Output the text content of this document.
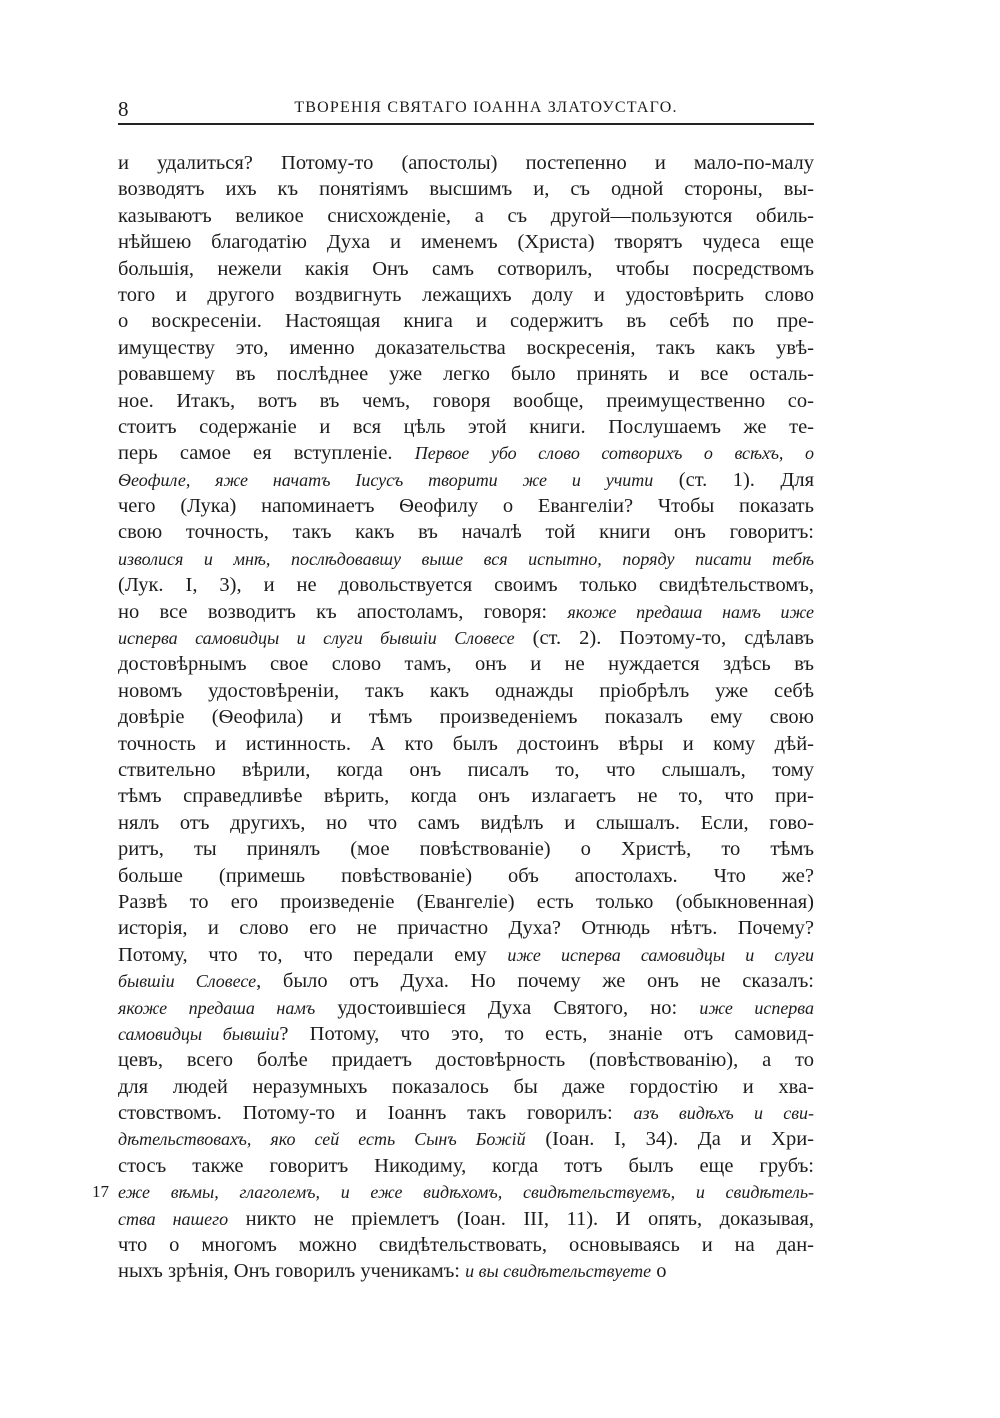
8	ТВОРЕНІЯ СВЯТАГО ІОАННА ЗЛАТОУСТАГО.
и удалиться? Потому-то (апостолы) постепенно и мало-по-малу
возводятъ ихъ къ понятіямъ высшимъ и, съ одной стороны, вы-
казываютъ великое снисхожденіе, а съ другой—пользуются обиль-
нѣйшею благодатію Духа и именемъ (Христа) творятъ чудеса еще
большія, нежели какія Онъ самъ сотворилъ, чтобы посредствомъ
того и другого воздвигнуть лежащихъ долу и удостовѣрить слово
о воскресеніи. Настоящая книга и содержитъ въ себѣ по пре-
имуществу это, именно доказательства воскресенія, такъ какъ увѣ-
ровавшему въ послѣднее уже легко было принять и все осталь-
ное. Итакъ, вотъ въ чемъ, говоря вообще, преимущественно со-
стоитъ содержаніе и вся цѣль этой книги. Послушаемъ же те-
перь самое ея вступленіе. Первое убо слово сотворихъ о всѣхъ, о
Ѳеофиле, яже начатъ Іисусъ творити же и учити (ст. 1). Для
чего (Лука) напоминаетъ Ѳеофилу о Евангеліи? Чтобы показать
свою точность, такъ какъ въ началѣ той книги онъ говоритъ:
изволися и мнѣ, послѣдовавшу выше вся испытно, порядy писати тебѣ
(Лук. I, 3), и не довольствуется своимъ только свидѣтельствомъ,
но все возводитъ къ апостоламъ, говоря: якоже предаша намъ иже
исперва самовидцы и слуги бывшіи Словесе (ст. 2). Поэтому-то, сдѣлавъ
достовѣрнымъ свое слово тамъ, онъ и не нуждается здѣсь въ
новомъ удостовѣреніи, такъ какъ однажды пріобрѣлъ уже себѣ
довѣріе (Ѳеофила) и тѣмъ произведеніемъ показалъ ему свою
точность и истинность. А кто былъ достоинъ вѣры и кому дѣй-
ствительно вѣрили, когда онъ писалъ то, что слышалъ, тому
тѣмъ справедливѣе вѣрить, когда онъ излагаетъ не то, что при-
нялъ отъ другихъ, но что самъ видѣлъ и слышалъ. Если, гово-
ритъ, ты принялъ (мое повѣствованіе) о Христѣ, то тѣмъ
больше (примешь повѣствованіе) объ апостолахъ. Что же?
Развѣ то его произведеніе (Евангеліе) есть только (обыкновенная)
исторія, и слово его не причастно Духа? Отнюдь нѣтъ. Почему?
Потому, что то, что передали ему иже исперва самовидцы и слуги
бывшіи Словесе, было отъ Духа. Но почему же онъ не сказалъ:
якоже предаша намъ удостоившіеся Духа Святого, но: иже исперва
самовидцы бывшіи? Потому, что это, то есть, знаніе отъ самовид-
цевъ, всего болѣе придаетъ достовѣрность (повѣствованію), а то
для людей неразумныхъ показалось бы даже гордостію и хва-
стовствомъ. Потому-то и Іоаннъ такъ говорилъ: азъ видѣхъ и сви-
дѣтельствовахъ, яко сей есть Сынъ Божій (Іоан. I, 34). Да и Хри-
стосъ также говоритъ Никодиму, когда тотъ былъ еще грубъ:
17 еже вѣмы, глаголемъ, и еже видѣхомъ, свидѣтельствуемъ, и свидѣтель-
ства нашего никто не пріемлетъ (Іоан. III, 11). И опять, доказывая,
что о многомъ можно свидѣтельствовать, основываясь и на дан-
ныхъ зрѣнія, Онъ говорилъ ученикамъ: и вы свидѣтельствуете о
